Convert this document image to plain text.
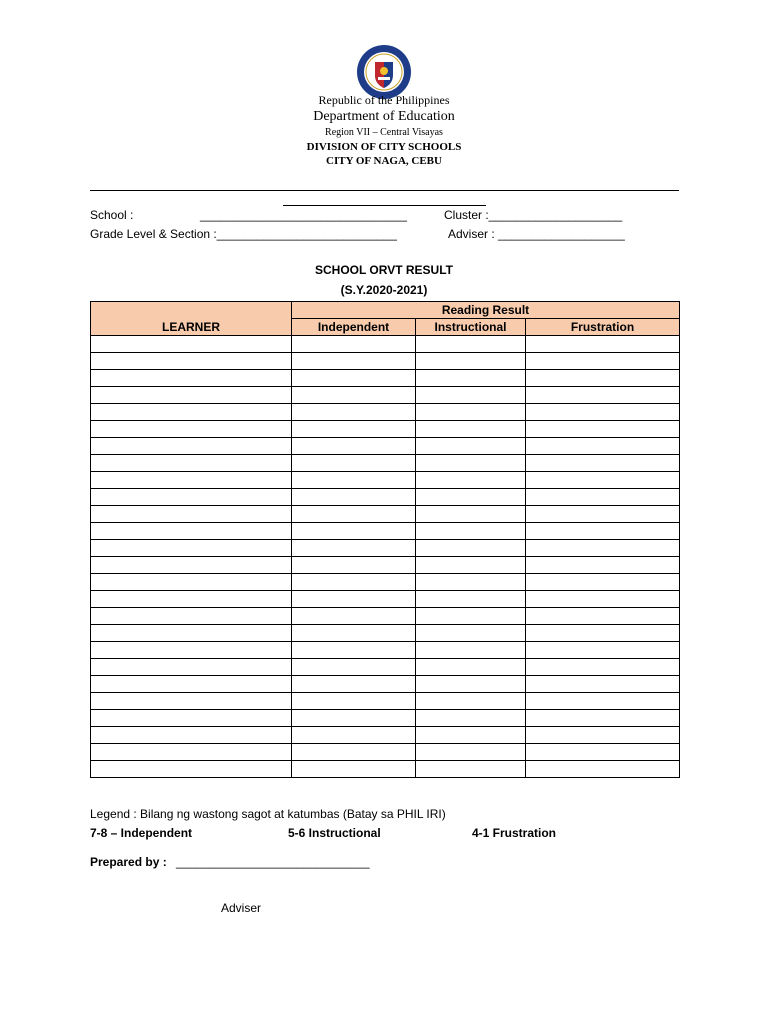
Republic of the Philippines
Department of Education
Region VII – Central Visayas
DIVISION OF CITY SCHOOLS
CITY OF NAGA, CEBU
School :	_______________________________	Cluster :____________________
Grade Level & Section :___________________________	Adviser : ___________________
SCHOOL ORVT RESULT
(S.Y.2020-2021)
LEARNER	Reading Result		
	Independent	Instructional	Frustration

Legend : Bilang ng wastong sagot at katumbas (Batay sa PHIL IRI)
7-8 – Independent	5-6 Instructional	4-1 Frustration
Prepared by : _____________________________
Adviser
